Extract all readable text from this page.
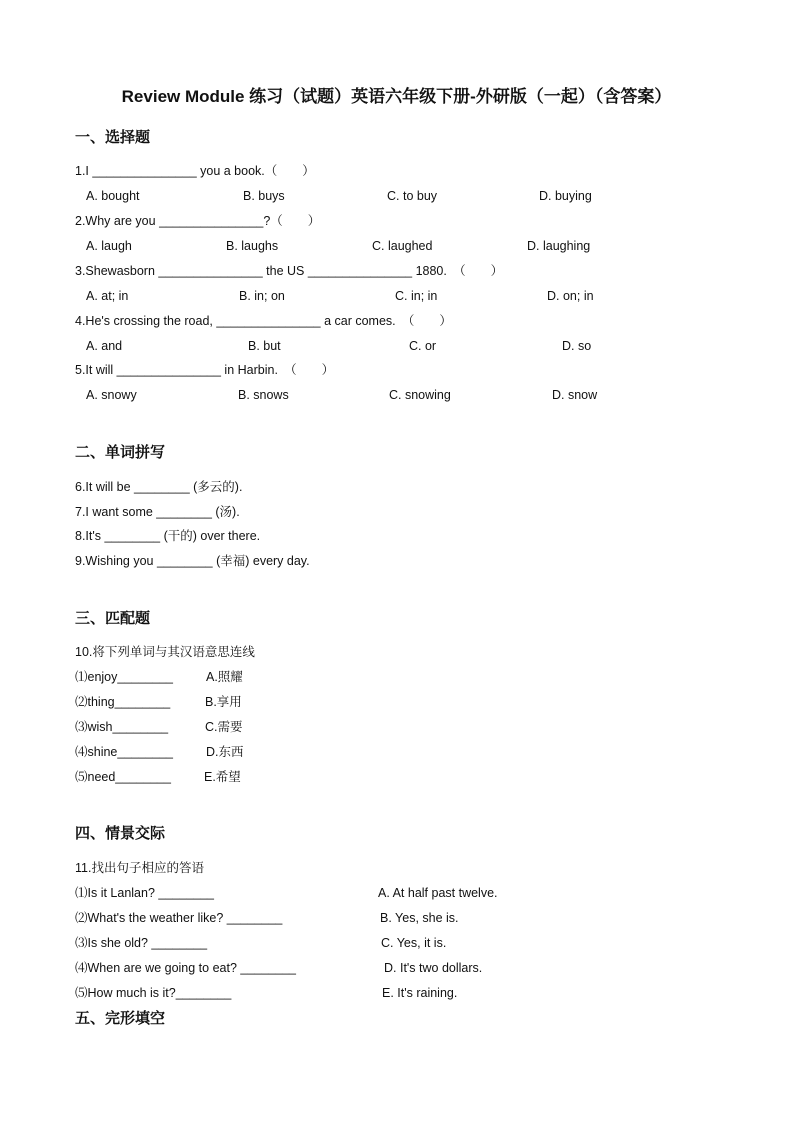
Review Module 练习（试题）英语六年级下册-外研版（一起）（含答案）
一、选择题
1.I _______________ you a book.（　　）
A. bought	B. buys	C. to buy	D. buying
2.Why are you _______________?（　　）
A. laugh	B. laughs	C. laughed	D. laughing
3.Shewasborn _______________ the US _______________ 1880.　（　　）
A. at; in	B. in; on	C. in; in	D. on; in
4.He's crossing the road, _______________ a car comes.　（　　）
A. and	B. but	C. or	D. so
5.It will _______________ in Harbin.　（　　）
A. snowy	B. snows	C. snowing	D. snow
二、单词拼写
6.It will be ________ (多云的).
7.I want some ________ (汤).
8.It's ________ (干的) over there.
9.Wishing you ________ (幸福) every day.
三、匹配题
10.将下列单词与其汉语意思连线
⑴enjoy________	A.照耀
⑵thing________	B.享用
⑶wish________	C.需要
⑷shine________	D.东西
⑸need________	E.希望
四、情景交际
11.找出句子相应的答语
⑴Is it Lanlan? ________	A. At half past twelve.
⑵What's the weather like? ________	B. Yes, she is.
⑶Is she old? ________	C. Yes, it is.
⑷When are we going to eat? ________	D. It's two dollars.
⑸How much is it?________	E. It's raining.
五、完形填空
